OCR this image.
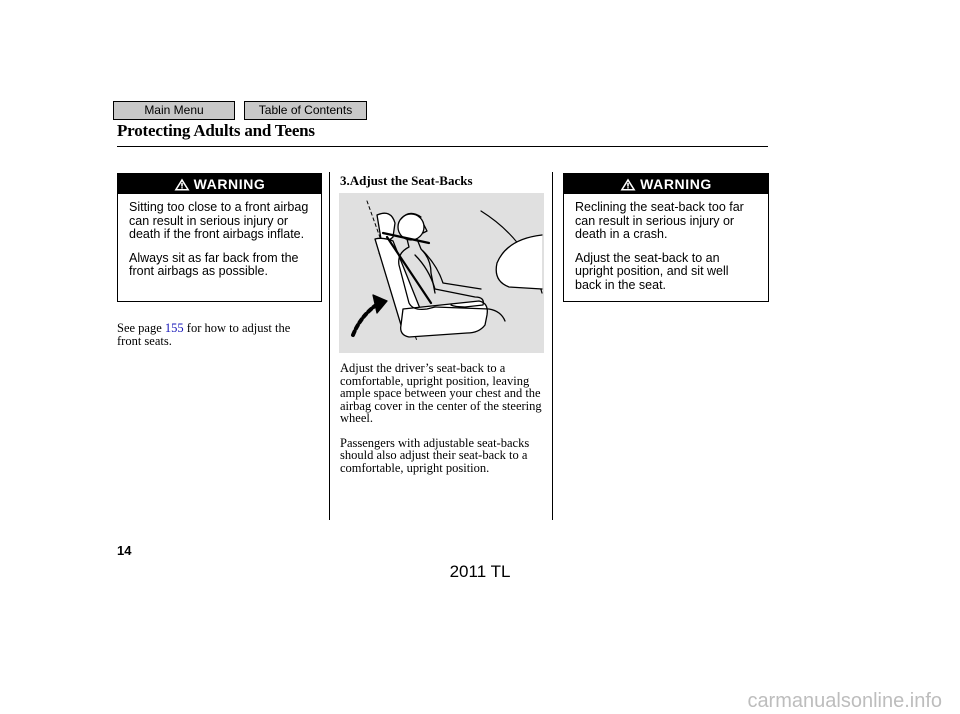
Main Menu	Table of Contents
Protecting Adults and Teens
WARNING

Sitting too close to a front airbag can result in serious injury or death if the front airbags inflate.

Always sit as far back from the front airbags as possible.

See page 155 for how to adjust the front seats.
3.Adjust the Seat-Backs

Adjust the driver’s seat-back to a comfortable, upright position, leaving ample space between your chest and the airbag cover in the center of the steering wheel.

Passengers with adjustable seat-backs should also adjust their seat-back to a comfortable, upright position.

WARNING

Reclining the seat-back too far can result in serious injury or death in a crash.

Adjust the seat-back to an upright position, and sit well back in the seat.

14
2011 TL
carmanualsonline.info
